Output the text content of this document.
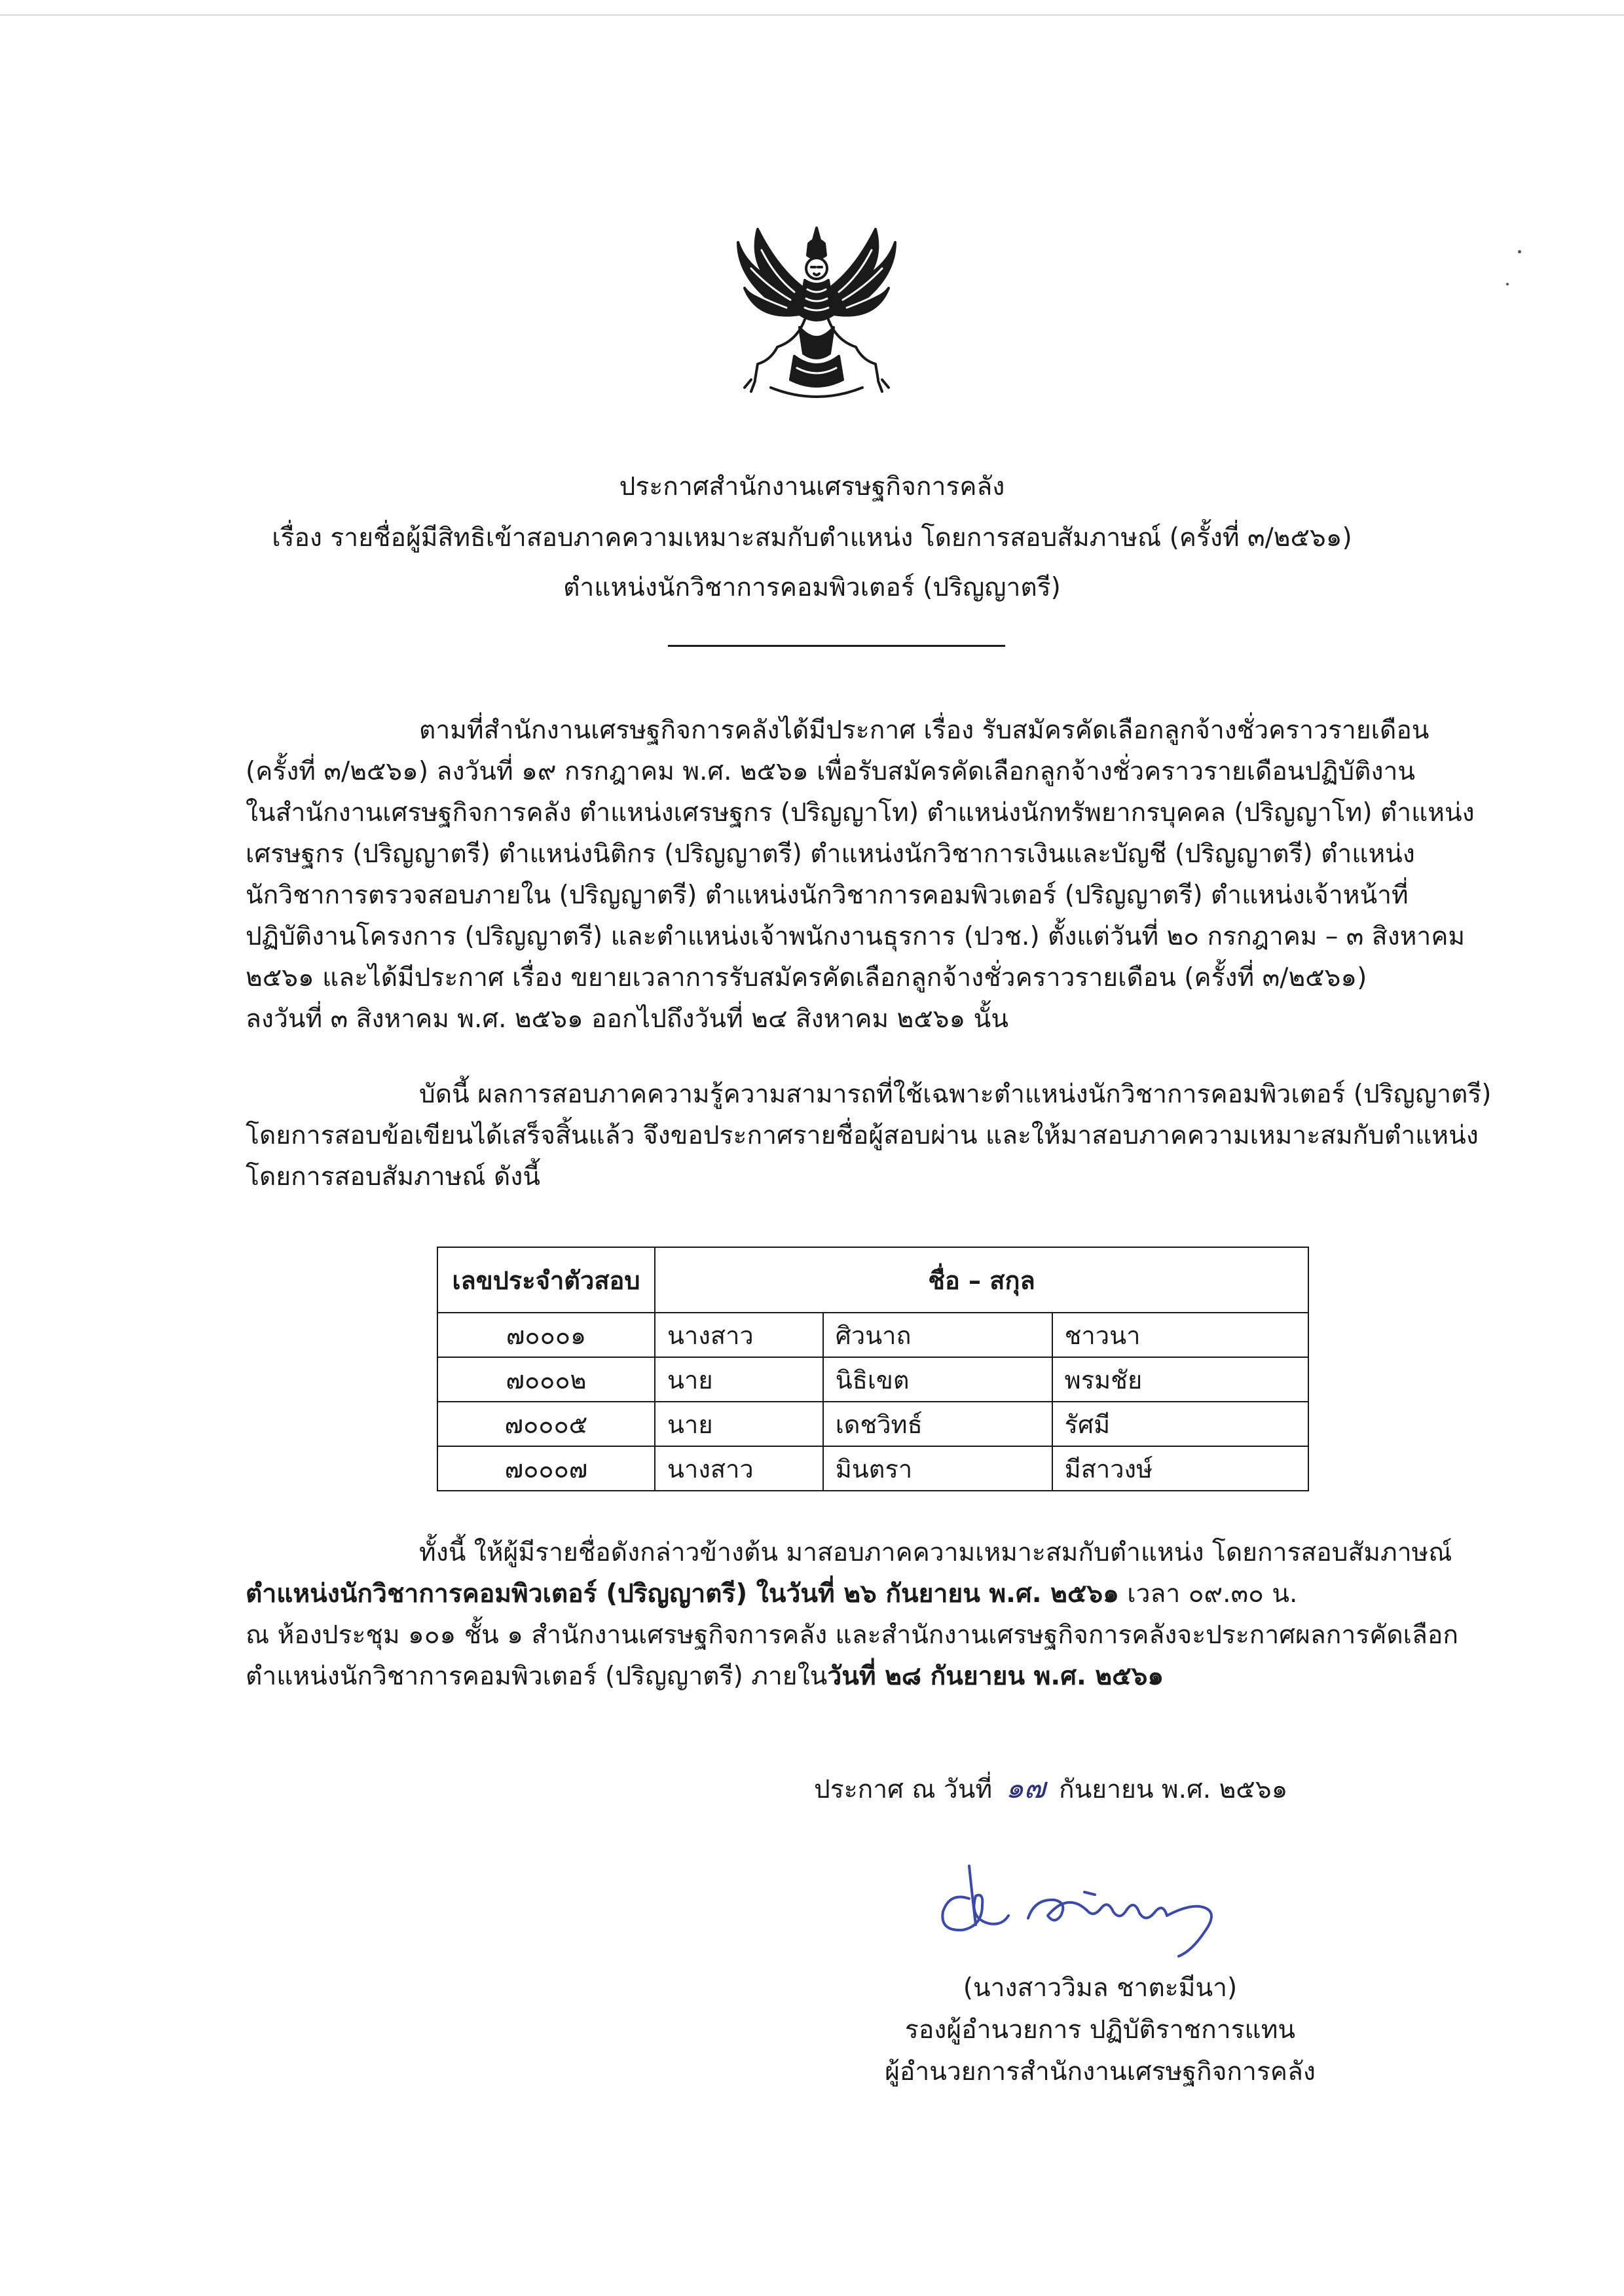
ประกาศสำนักงานเศรษฐกิจการคลัง
เรื่อง รายชื่อผู้มีสิทธิเข้าสอบภาคความเหมาะสมกับตำแหน่ง โดยการสอบสัมภาษณ์ (ครั้งที่ ๓/๒๕๖๑)
ตำแหน่งนักวิชาการคอมพิวเตอร์ (ปริญญาตรี)
ตามที่สำนักงานเศรษฐกิจการคลังได้มีประกาศ เรื่อง รับสมัครคัดเลือกลูกจ้างชั่วคราวรายเดือน
(ครั้งที่ ๓/๒๕๖๑) ลงวันที่ ๑๙ กรกฎาคม พ.ศ. ๒๕๖๑ เพื่อรับสมัครคัดเลือกลูกจ้างชั่วคราวรายเดือนปฏิบัติงาน
ในสำนักงานเศรษฐกิจการคลัง ตำแหน่งเศรษฐกร (ปริญญาโท) ตำแหน่งนักทรัพยากรบุคคล (ปริญญาโท) ตำแหน่ง
เศรษฐกร (ปริญญาตรี) ตำแหน่งนิติกร (ปริญญาตรี) ตำแหน่งนักวิชาการเงินและบัญชี (ปริญญาตรี) ตำแหน่ง
นักวิชาการตรวจสอบภายใน (ปริญญาตรี) ตำแหน่งนักวิชาการคอมพิวเตอร์ (ปริญญาตรี) ตำแหน่งเจ้าหน้าที่
ปฏิบัติงานโครงการ (ปริญญาตรี) และตำแหน่งเจ้าพนักงานธุรการ (ปวช.) ตั้งแต่วันที่ ๒๐ กรกฎาคม – ๓ สิงหาคม
๒๕๖๑ และได้มีประกาศ เรื่อง ขยายเวลาการรับสมัครคัดเลือกลูกจ้างชั่วคราวรายเดือน (ครั้งที่ ๓/๒๕๖๑)
ลงวันที่ ๓ สิงหาคม พ.ศ. ๒๕๖๑ ออกไปถึงวันที่ ๒๔ สิงหาคม ๒๕๖๑ นั้น
บัดนี้ ผลการสอบภาคความรู้ความสามารถที่ใช้เฉพาะตำแหน่งนักวิชาการคอมพิวเตอร์ (ปริญญาตรี)
โดยการสอบข้อเขียนได้เสร็จสิ้นแล้ว จึงขอประกาศรายชื่อผู้สอบผ่าน และให้มาสอบภาคความเหมาะสมกับตำแหน่ง
โดยการสอบสัมภาษณ์ ดังนี้
เลขประจำตัวสอบ	ชื่อ – สกุล		
๗๐๐๐๑	นางสาว	ศิวนาถ	ชาวนา
๗๐๐๐๒	นาย	นิธิเขต	พรมชัย
๗๐๐๐๕	นาย	เดชวิทธ์	รัศมี
๗๐๐๐๗	นางสาว	มินตรา	มีสาวงษ์
ทั้งนี้ ให้ผู้มีรายชื่อดังกล่าวข้างต้น มาสอบภาคความเหมาะสมกับตำแหน่ง โดยการสอบสัมภาษณ์
ตำแหน่งนักวิชาการคอมพิวเตอร์ (ปริญญาตรี) ในวันที่ ๒๖ กันยายน พ.ศ. ๒๕๖๑ เวลา ๐๙.๓๐ น.
ณ ห้องประชุม ๑๐๑ ชั้น ๑ สำนักงานเศรษฐกิจการคลัง และสำนักงานเศรษฐกิจการคลังจะประกาศผลการคัดเลือก
ตำแหน่งนักวิชาการคอมพิวเตอร์ (ปริญญาตรี) ภายในวันที่ ๒๘ กันยายน พ.ศ. ๒๕๖๑
ประกาศ ณ วันที่ ๑๗ กันยายน พ.ศ. ๒๕๖๑
(นางสาววิมล ชาตะมีนา)
รองผู้อำนวยการ ปฏิบัติราชการแทน
ผู้อำนวยการสำนักงานเศรษฐกิจการคลัง
